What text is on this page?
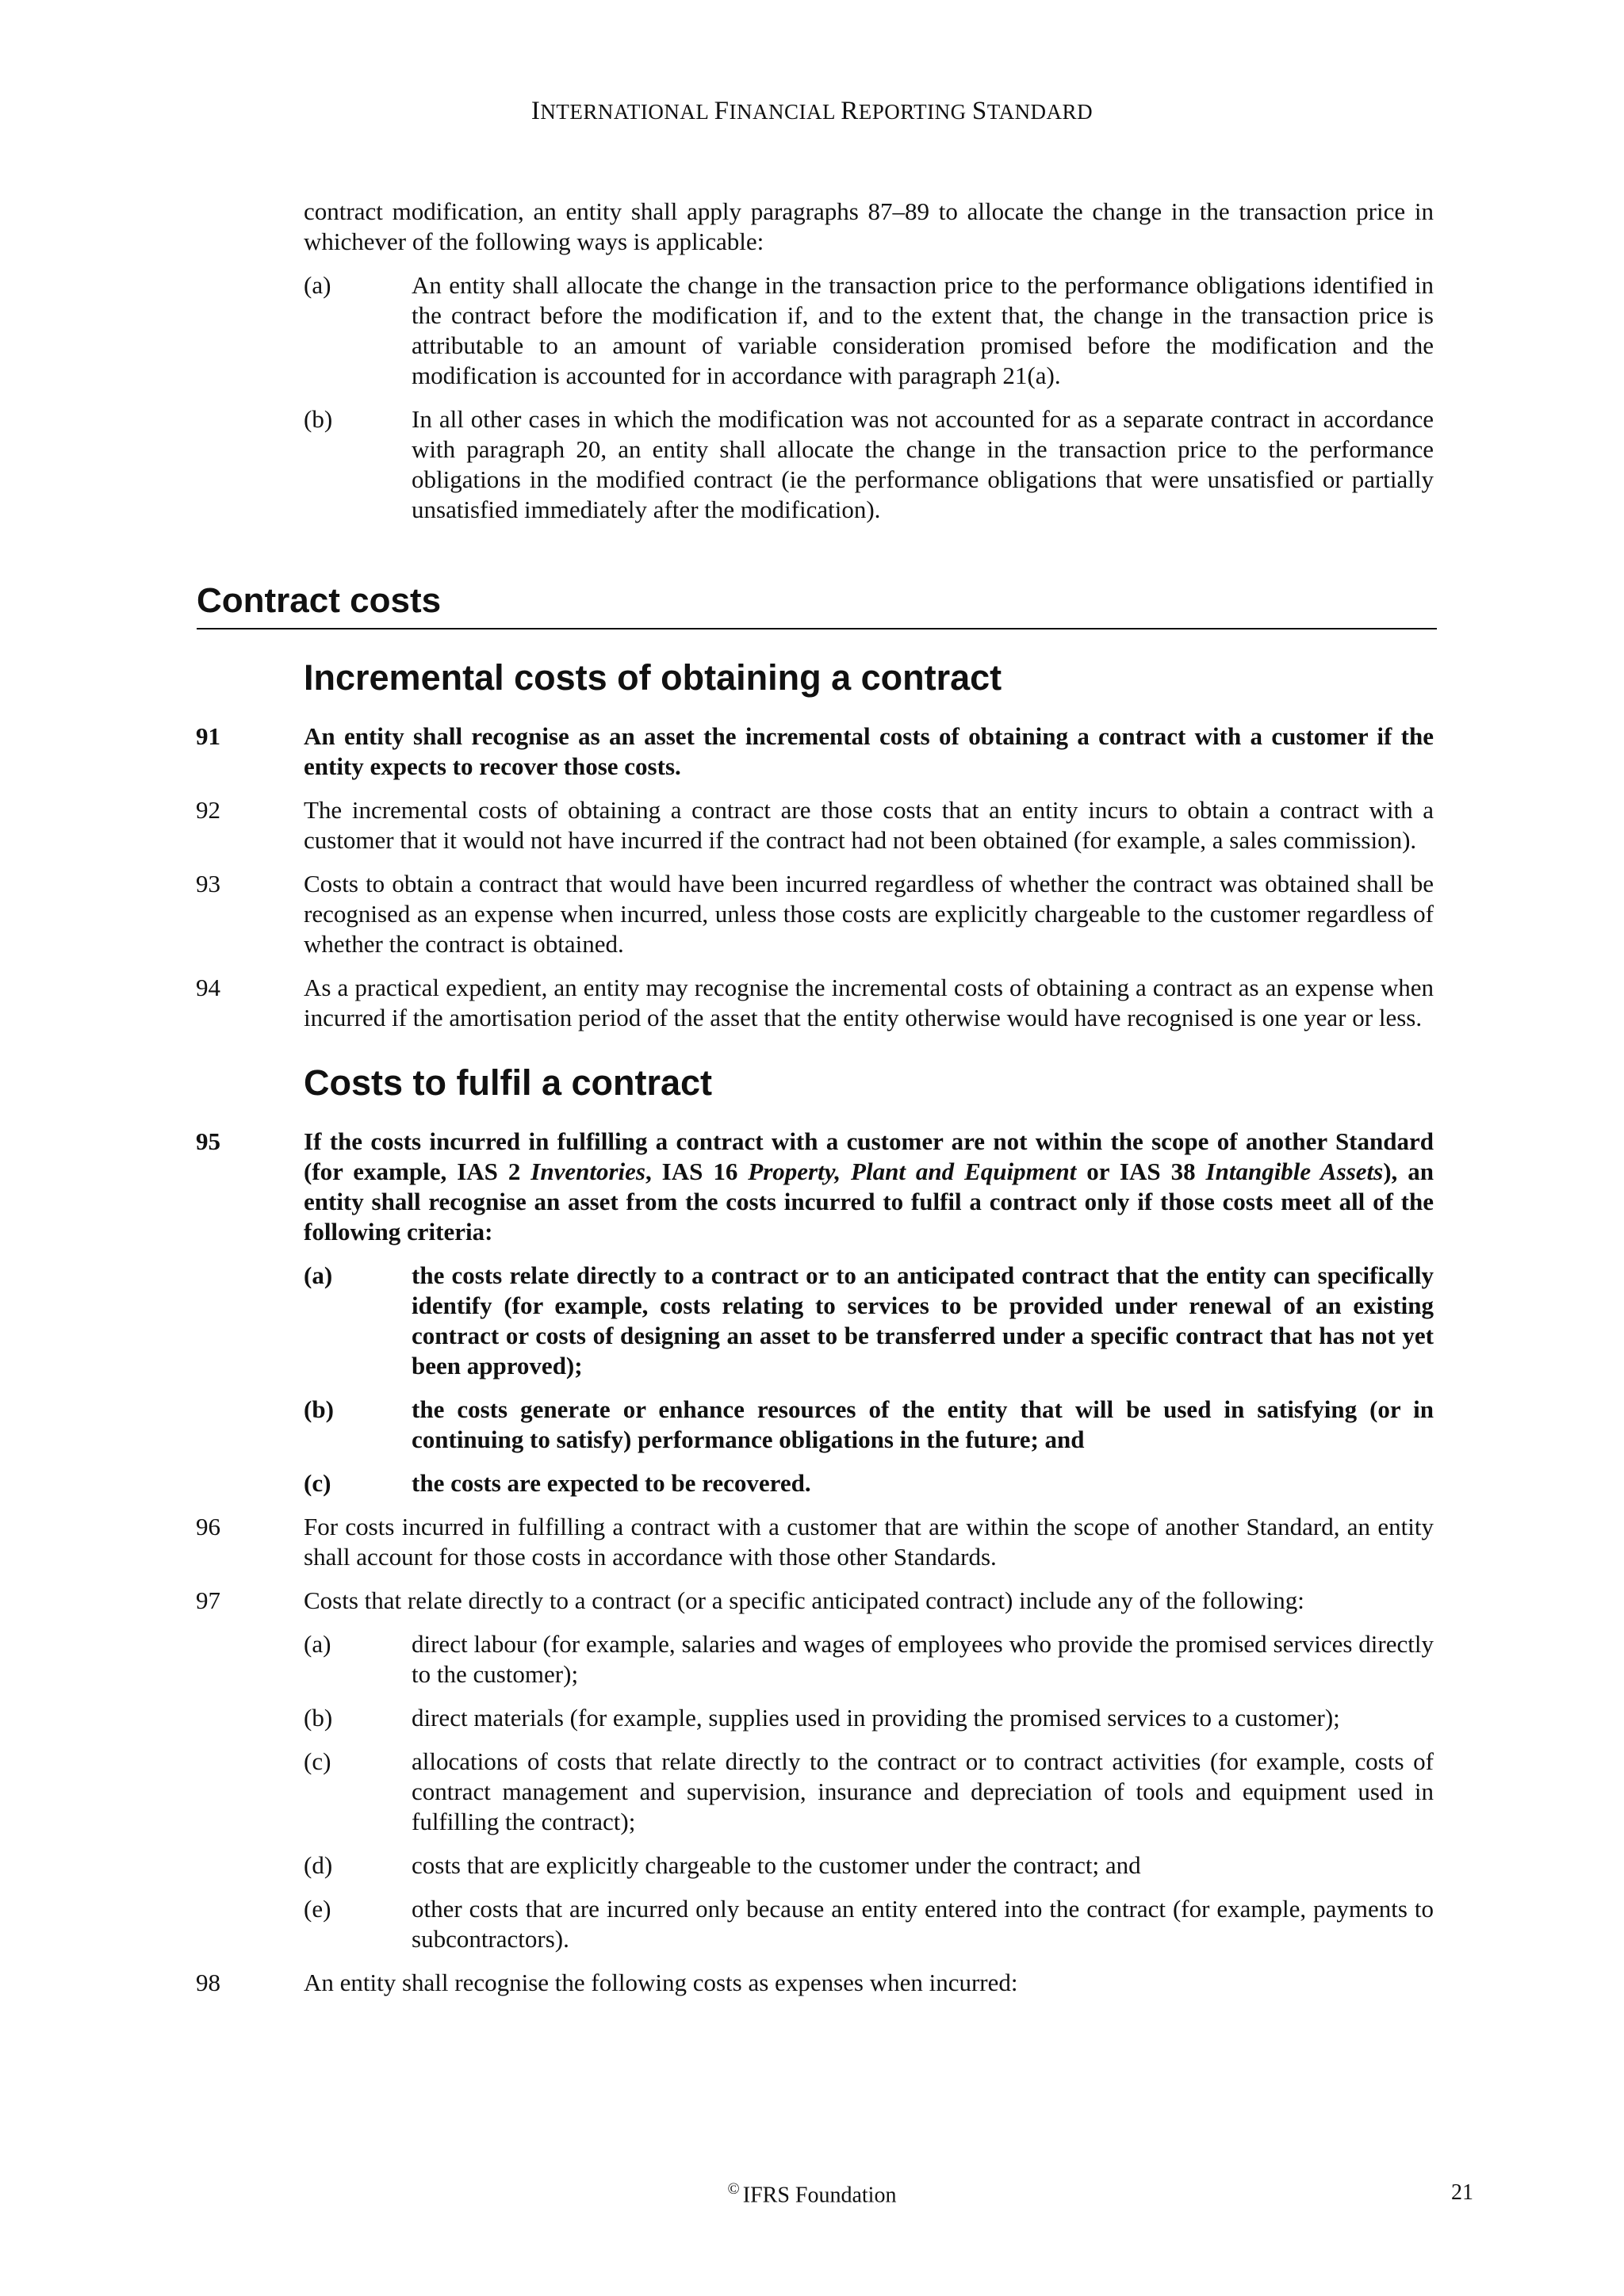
INTERNATIONAL FINANCIAL REPORTING STANDARD

contract modification, an entity shall apply paragraphs 87–89 to allocate the change in the transaction price in whichever of the following ways is applicable:

(a)	An entity shall allocate the change in the transaction price to the performance obligations identified in the contract before the modification if, and to the extent that, the change in the transaction price is attributable to an amount of variable consideration promised before the modification and the modification is accounted for in accordance with paragraph 21(a).
(b)	In all other cases in which the modification was not accounted for as a separate contract in accordance with paragraph 20, an entity shall allocate the change in the transaction price to the performance obligations in the modified contract (ie the performance obligations that were unsatisfied or partially unsatisfied immediately after the modification).
Contract costs
Incremental costs of obtaining a contract
91	An entity shall recognise as an asset the incremental costs of obtaining a contract with a customer if the entity expects to recover those costs.
92	The incremental costs of obtaining a contract are those costs that an entity incurs to obtain a contract with a customer that it would not have incurred if the contract had not been obtained (for example, a sales commission).
93	Costs to obtain a contract that would have been incurred regardless of whether the contract was obtained shall be recognised as an expense when incurred, unless those costs are explicitly chargeable to the customer regardless of whether the contract is obtained.
94	As a practical expedient, an entity may recognise the incremental costs of obtaining a contract as an expense when incurred if the amortisation period of the asset that the entity otherwise would have recognised is one year or less.
Costs to fulfil a contract
95	If the costs incurred in fulfilling a contract with a customer are not within the scope of another Standard (for example, IAS 2 Inventories, IAS 16 Property, Plant and Equipment or IAS 38 Intangible Assets), an entity shall recognise an asset from the costs incurred to fulfil a contract only if those costs meet all of the following criteria:
(a)	the costs relate directly to a contract or to an anticipated contract that the entity can specifically identify (for example, costs relating to services to be provided under renewal of an existing contract or costs of designing an asset to be transferred under a specific contract that has not yet been approved);
(b)	the costs generate or enhance resources of the entity that will be used in satisfying (or in continuing to satisfy) performance obligations in the future; and
(c)	the costs are expected to be recovered.
96	For costs incurred in fulfilling a contract with a customer that are within the scope of another Standard, an entity shall account for those costs in accordance with those other Standards.
97	Costs that relate directly to a contract (or a specific anticipated contract) include any of the following:
(a)	direct labour (for example, salaries and wages of employees who provide the promised services directly to the customer);
(b)	direct materials (for example, supplies used in providing the promised services to a customer);
(c)	allocations of costs that relate directly to the contract or to contract activities (for example, costs of contract management and supervision, insurance and depreciation of tools and equipment used in fulfilling the contract);
(d)	costs that are explicitly chargeable to the customer under the contract; and
(e)	other costs that are incurred only because an entity entered into the contract (for example, payments to subcontractors).
98	An entity shall recognise the following costs as expenses when incurred:
© IFRS Foundation	21
